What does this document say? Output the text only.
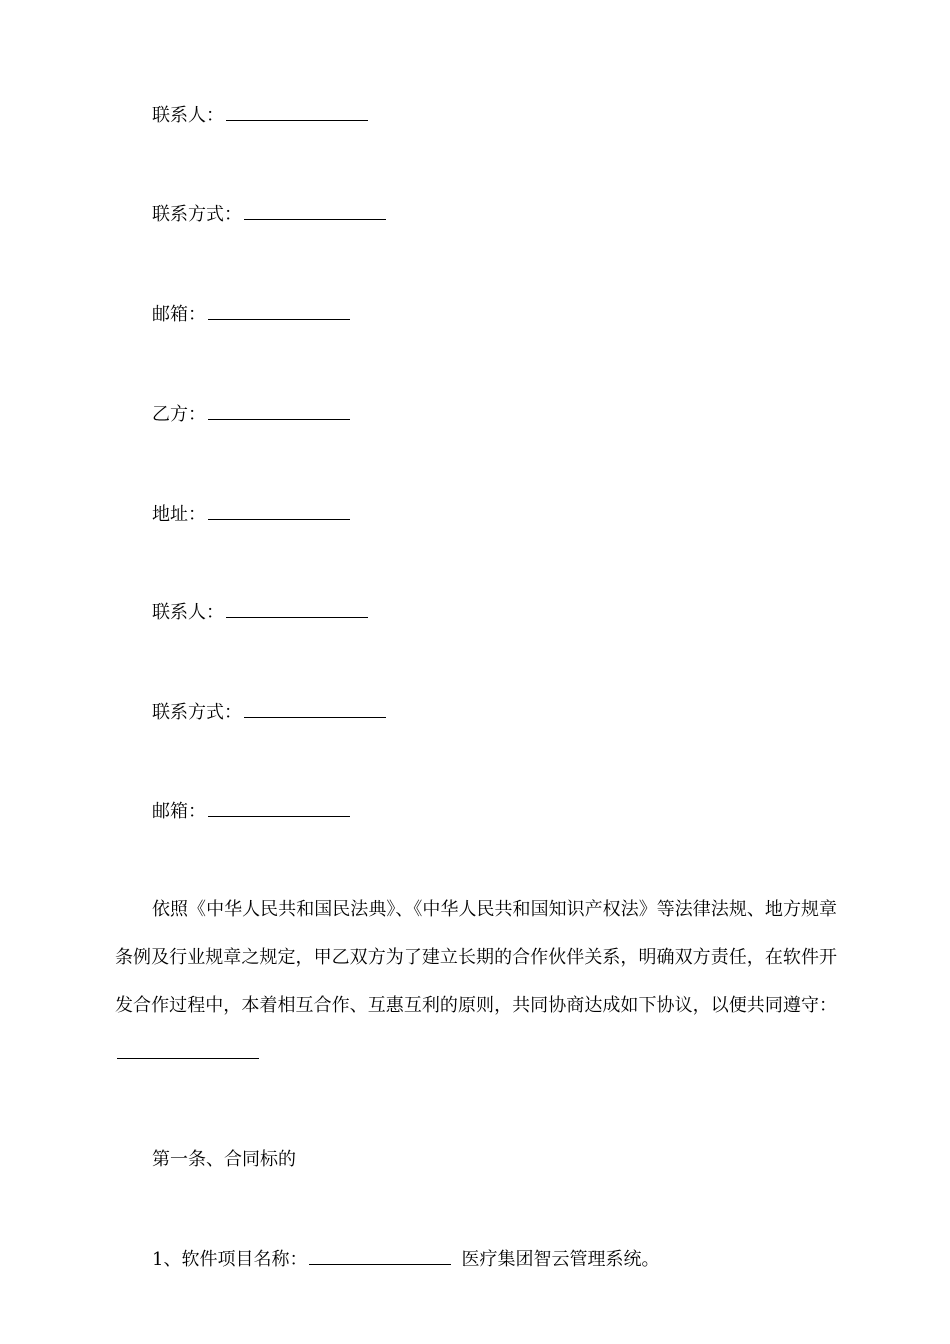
联系人：
联系方式：
邮箱：
乙方：
地址：
联系人：
联系方式：
邮箱：
依照《中华人民共和国民法典》、《中华人民共和国知识产权法》等法律法规、地方规章条例及行业规章之规定，甲乙双方为了建立长期的合作伙伴关系，明确双方责任，在软件开发合作过程中，本着相互合作、互惠互利的原则，共同协商达成如下协议，以便共同遵守：
第一条、合同标的
1、软件项目名称：	医疗集团智云管理系统。
